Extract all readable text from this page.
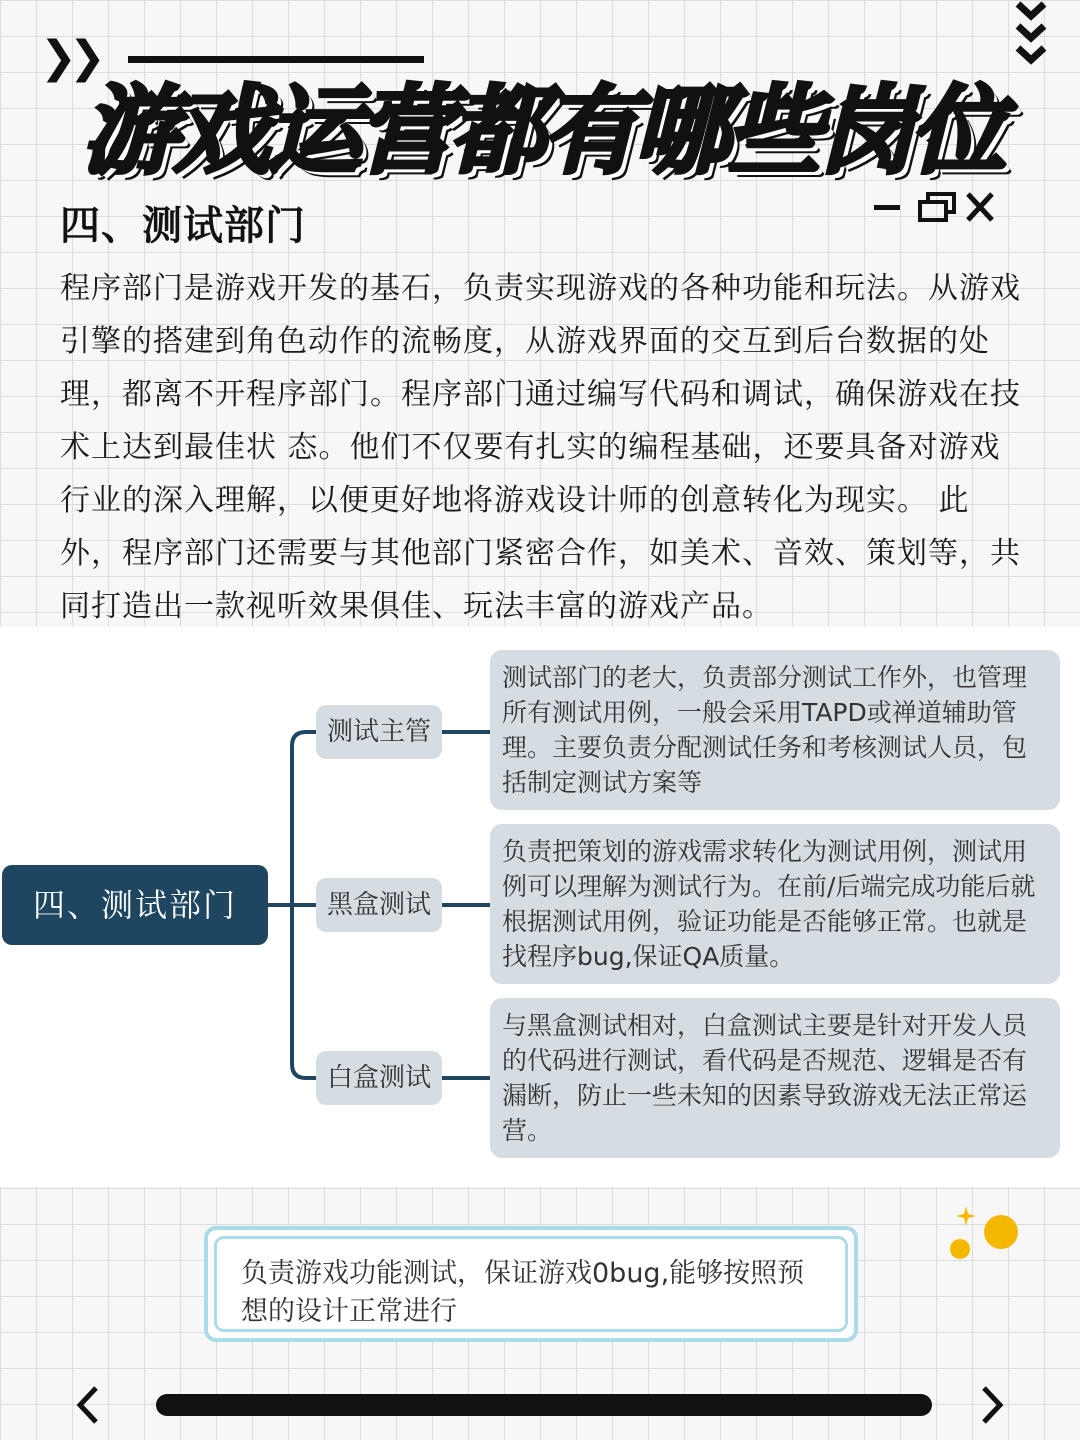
❯❯
游戏运营都有哪些岗位
四、测试部门
程序部门是游戏开发的基石，负责实现游戏的各种功能和玩法。从游戏引擎的搭建到角色动作的流畅度，从游戏界面的交互到后台数据的处理，都离不开程序部门。程序部门通过编写代码和调试，确保游戏在技术上达到最佳状 态。他们不仅要有扎实的编程基础，还要具备对游戏行业的深入理解，以便更好地将游戏设计师的创意转化为现实。 此外，程序部门还需要与其他部门紧密合作，如美术、音效、策划等，共同打造出一款视听效果俱佳、玩法丰富的游戏产品。
四、测试部门
测试主管
黑盒测试
白盒测试
测试部门的老大，负责部分测试工作外，也管理所有测试用例，一般会采用TAPD或禅道辅助管理。主要负责分配测试任务和考核测试人员，包括制定测试方案等
负责把策划的游戏需求转化为测试用例，测试用例可以理解为测试行为。在前/后端完成功能后就根据测试用例，验证功能是否能够正常。也就是找程序bug,保证QA质量。
与黑盒测试相对，白盒测试主要是针对开发人员的代码进行测试，看代码是否规范、逻辑是否有漏断，防止一些未知的因素导致游戏无法正常运营。
负责游戏功能测试，保证游戏0bug,能够按照预想的设计正常进行
